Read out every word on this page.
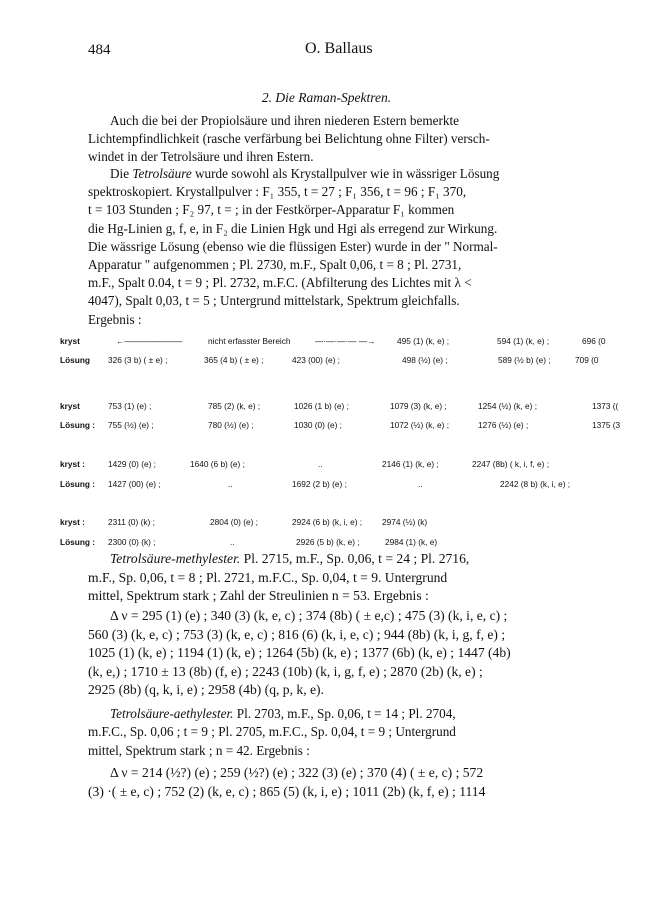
484	O. Ballaus
2. Die Raman-Spektren.
Auch die bei der Propiolsäure und ihren niederen Estern bemerkte
Lichtempfindlichkeit (rasche verfärbung bei Belichtung ohne Filter) versch-
windet in der Tetrolsäure und ihren Estern.
Die Tetrolsäure wurde sowohl als Krystallpulver wie in wässriger Lösung
spektroskopiert. Krystallpulver : F₁ 355, t = 27 ; F₁ 356, t = 96 ; F₁ 370,
t = 103 Stunden ; F₂ 97, t = ; in der Festkörper-Apparatur F₁ kommen
die Hg-Linien g, f, e, in F₂ die Linien Hgk und Hgi als erregend zur Wirkung.
Die wässrige Lösung (ebenso wie die flüssigen Ester) wurde in der " Normal-
Apparatur " aufgenommen ; Pl. 2730, m.F., Spalt 0,06, t = 8 ; Pl. 2731,
m.F., Spalt 0.04, t = 9 ; Pl. 2732, m.F.C. (Abfilterung des Lichtes mit λ <
4047), Spalt 0,03, t = 5 ; Untergrund mittelstark, Spektrum gleichfalls.
Ergebnis :
kryst	←———————	nicht erfasster Bereich	—·—·—·— —→	495 (1) (k, e) ;	594 (1) (k, e) ;	696 (0
Lösung 326 (3 b) ( ± e) ;	365 (4 b) ( ± e) ;	423 (00) (e) ;	498 (½) (e) ;	589 (½ b) (e) ;	709 (0
kryst	753 (1) (e) ;	785 (2) (k, e) ;	1026 (1 b) (e) ;	1079 (3) (k, e) ;	1254 (½) (k, e) ;	1373 ((
Lösung : 755 (½) (e) ;	780 (½) (e) ;	1030 (0) (e) ;	1072 (½) (k, e) ;	1276 (½) (e) ;	1375 (3
kryst :	1429 (0) (e) ;	1640 (6 b) (e) ;	..	2146 (1) (k, e) ;	2247 (8b) ( k, i, f, e) ;
Lösung : 1427 (00) (e) ;	..	1692 (2 b) (e) ;	..	2242 (8 b) (k, i, e) ;
kryst :	2311 (0) (k) ;	2804 (0) (e) ;	2924 (6 b) (k, i, e) ; 2974 (½) (k)
Lösung : 2300 (0) (k) ;	..	2926 (5 b) (k, e) ;	2984 (1) (k, e)
Tetrolsäure-methylester. Pl. 2715, m.F., Sp. 0,06, t = 24 ; Pl. 2716,
m.F., Sp. 0,06, t = 8 ; Pl. 2721, m.F.C., Sp. 0,04, t = 9. Untergrund
mittel, Spektrum stark ; Zahl der Streulinien n = 53. Ergebnis :
Δ ν = 295 (1) (e) ; 340 (3) (k, e, c) ; 374 (8b) ( ± e,c) ; 475 (3) (k, i, e, c) ;
560 (3) (k, e, c) ; 753 (3) (k, e, c) ; 816 (6) (k, i, e, c) ; 944 (8b) (k, i, g, f, e) ;
1025 (1) (k, e) ; 1194 (1) (k, e) ; 1264 (5b) (k, e) ; 1377 (6b) (k, e) ; 1447 (4b)
(k, e,) ; 1710 ± 13 (8b) (f, e) ; 2243 (10b) (k, i, g, f, e) ; 2870 (2b) (k, e) ;
2925 (8b) (q, k, i, e) ; 2958 (4b) (q, p, k, e).
Tetrolsäure-aethylester. Pl. 2703, m.F., Sp. 0,06, t = 14 ; Pl. 2704,
m.F.C., Sp. 0,06 ; t = 9 ; Pl. 2705, m.F.C., Sp. 0,04, t = 9 ; Untergrund
mittel, Spektrum stark ; n = 42. Ergebnis :
Δ ν = 214 (½?) (e) ; 259 (½?) (e) ; 322 (3) (e) ; 370 (4) ( ± e, c) ; 572
(3) ·( ± e, c) ; 752 (2) (k, e, c) ; 865 (5) (k, i, e) ; 1011 (2b) (k, f, e) ; 1114
